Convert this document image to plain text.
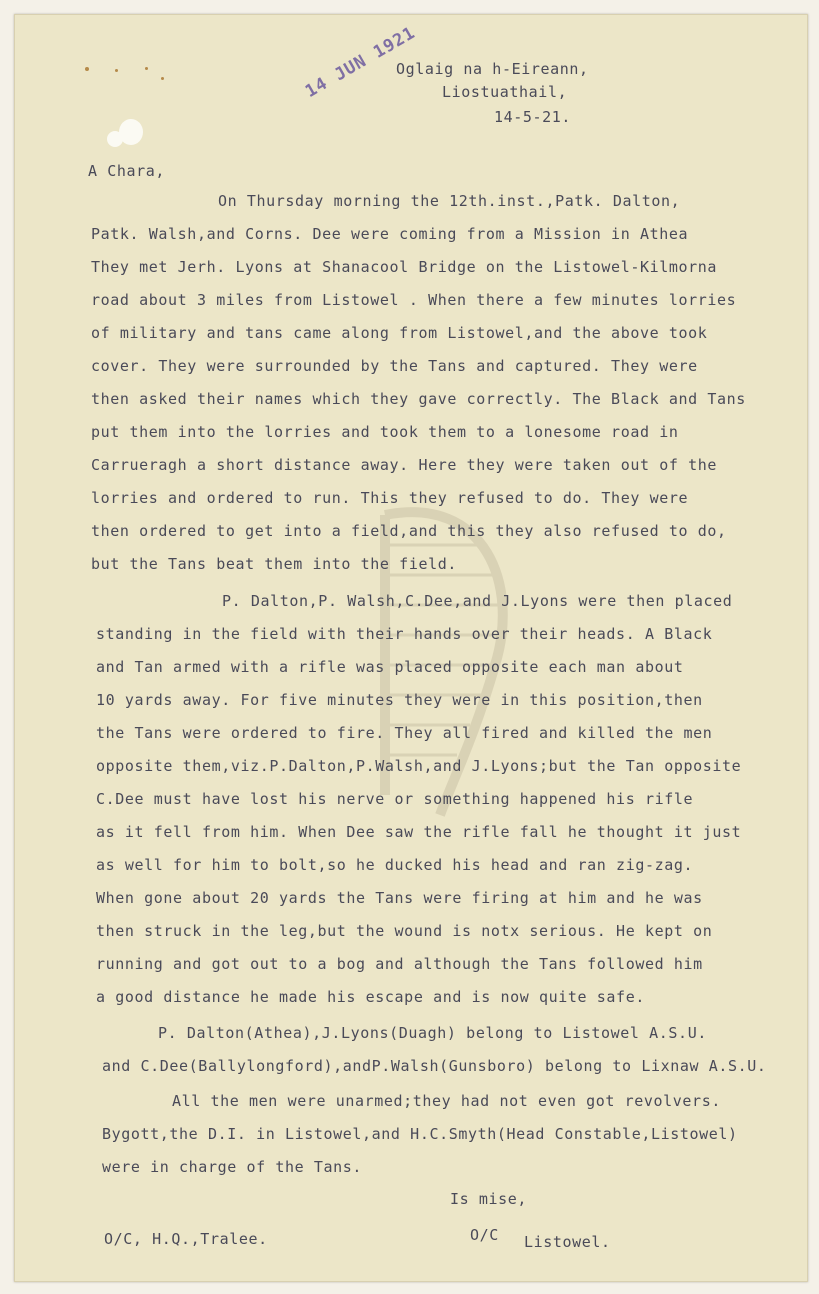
14 JUN 1921
Oglaig na h-Eireann,
Liostuathail,
14-5-21.
A Chara,
On Thursday morning the 12th.inst.,Patk. Dalton,
Patk. Walsh,and Corns. Dee were coming from a Mission in Athea
They met Jerh. Lyons at Shanacool Bridge on the Listowel-Kilmorna
road about 3 miles from Listowel . When there a few minutes lorries
of military and tans came along from Listowel,and the above took
cover. They were surrounded by the Tans and captured. They were
then asked their names which they gave correctly. The Black and Tans
put them into the lorries and took them to a lonesome road in
Carrueragh a short distance away. Here they were taken out of the
lorries and ordered to run. This they refused to do. They were
then ordered to get into a field,and this they also refused to do,
but the Tans beat them into the field.
P. Dalton,P. Walsh,C.Dee,and J.Lyons were then placed
standing in the field with their hands over their heads. A Black
and Tan armed with a rifle was placed opposite each man about
10 yards away. For five minutes they were in this position,then
the Tans were ordered to fire. They all fired and killed the men
opposite them,viz.P.Dalton,P.Walsh,and J.Lyons;but the Tan opposite
C.Dee must have lost his nerve or something happened his rifle
as it fell from him. When Dee saw the rifle fall he thought it just
as well for him to bolt,so he ducked his head and ran zig-zag.
When gone about 20 yards the Tans were firing at him and he was
then struck in the leg,but the wound is notx serious. He kept on
running and got out to a bog and although the Tans followed him
a good distance he made his escape and is now quite safe.
P. Dalton(Athea),J.Lyons(Duagh) belong to Listowel A.S.U.
and C.Dee(Ballylongford),andP.Walsh(Gunsboro) belong to Lixnaw A.S.U.
All the men were unarmed;they had not even got revolvers.
Bygott,the D.I. in Listowel,and H.C.Smyth(Head Constable,Listowel)
were in charge of the Tans.
Is mise,
O/C, H.Q.,Tralee.	O/C Listowel.
